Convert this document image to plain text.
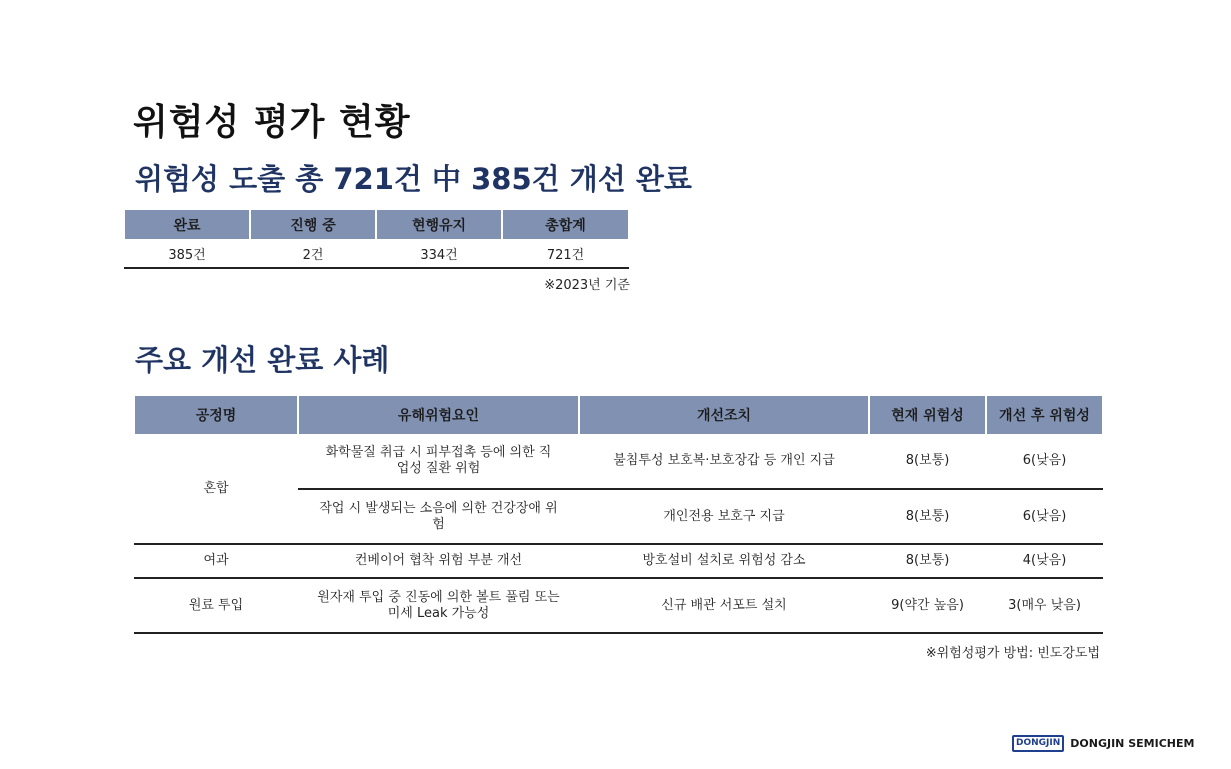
위험성 평가 현황
위험성 도출 총 721건 中 385건 개선 완료
완료	진행 중	현행유지	총합계
385건	2건	334건	721건
※2023년 기준
주요 개선 완료 사례
공정명	유해위험요인	개선조치	현재 위험성	개선 후 위험성
혼합	화학물질 취급 시 피부접촉 등에 의한 직업성 질환 위험	불침투성 보호복·보호장갑 등 개인 지급	8(보통)	6(낮음)
	작업 시 발생되는 소음에 의한 건강장애 위험	개인전용 보호구 지급	8(보통)	6(낮음)
여과	컨베이어 협착 위험 부분 개선	방호설비 설치로 위험성 감소	8(보통)	4(낮음)
원료 투입	원자재 투입 중 진동에 의한 볼트 풀림 또는 미세 Leak 가능성	신규 배관 서포트 설치	9(약간 높음)	3(매우 낮음)
※위험성평가 방법: 빈도강도법
DONGJIN DONGJIN SEMICHEM
